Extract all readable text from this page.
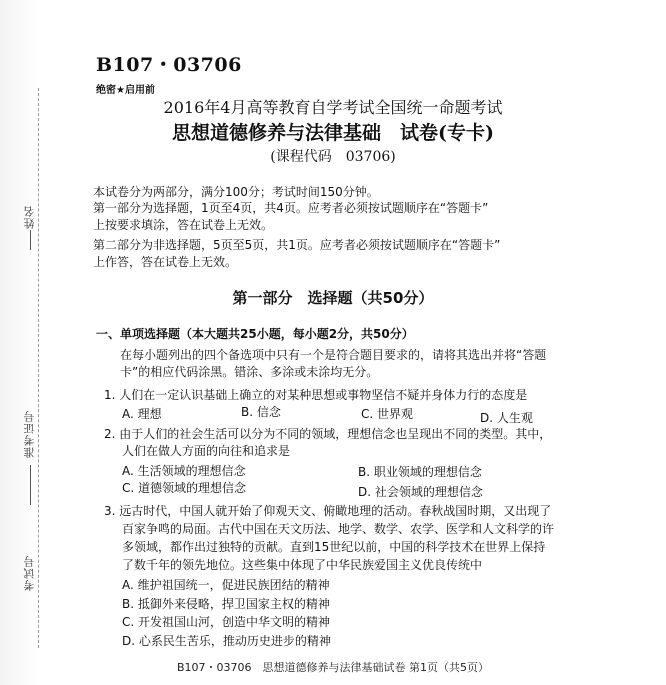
姓名
准考证号
考试号
B107・03706
绝密★启用前
2016年4月高等教育自学考试全国统一命题考试
思想道德修养与法律基础　试卷(专卡)
(课程代码　03706)
本试卷分为两部分，满分100分；考试时间150分钟。
第一部分为选择题，1页至4页，共4页。应考者必须按试题顺序在“答题卡”
上按要求填涂，答在试卷上无效。
第二部分为非选择题，5页至5页，共1页。应考者必须按试题顺序在“答题卡”
上作答，答在试卷上无效。
第一部分　选择题（共50分）
一、单项选择题（本大题共25小题，每小题2分，共50分）
在每小题列出的四个备选项中只有一个是符合题目要求的，请将其选出并将“答题
卡”的相应代码涂黑。错涂、多涂或未涂均无分。
1. 人们在一定认识基础上确立的对某种思想或事物坚信不疑并身体力行的态度是
A. 理想	B. 信念	C. 世界观	D. 人生观
2. 由于人们的社会生活可以分为不同的领域，理想信念也呈现出不同的类型。其中，
人们在做人方面的向往和追求是
A. 生活领域的理想信念	B. 职业领域的理想信念
C. 道德领域的理想信念	D. 社会领域的理想信念
3. 远古时代，中国人就开始了仰观天文、俯瞰地理的活动。春秋战国时期，又出现了
百家争鸣的局面。古代中国在天文历法、地学、数学、农学、医学和人文科学的许
多领域，都作出过独特的贡献。直到15世纪以前，中国的科学技术在世界上保持
了数千年的领先地位。这些集中体现了中华民族爱国主义优良传统中
A. 维护祖国统一，促进民族团结的精神
B. 抵御外来侵略，捍卫国家主权的精神
C. 开发祖国山河，创造中华文明的精神
D. 心系民生苦乐，推动历史进步的精神
B107・03706　思想道德修养与法律基础试卷 第1页（共5页）
